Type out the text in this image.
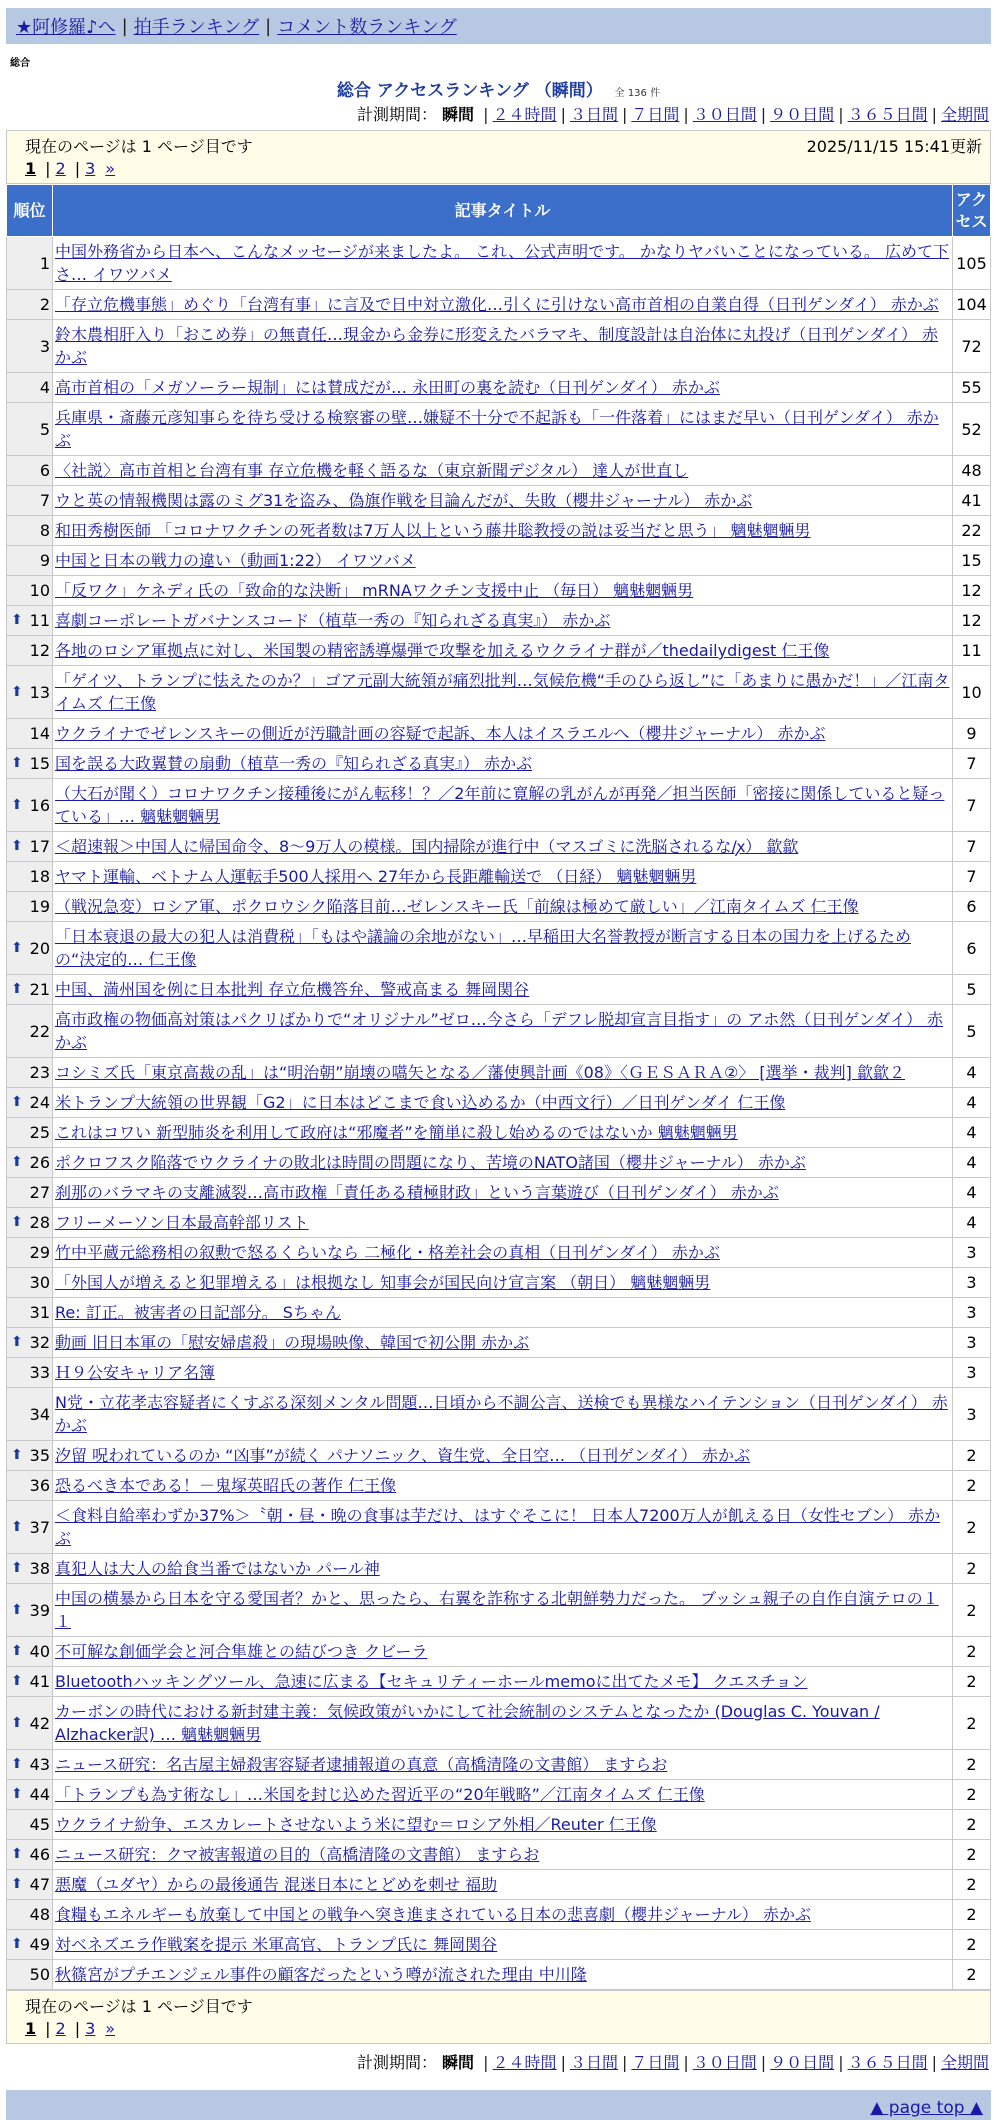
★阿修羅♪へ | 拍手ランキング | コメント数ランキング
総合
総合 アクセスランキング （瞬間） 全 136 件
計測期間： 瞬間 | ２４時間 | ３日間 | ７日間 | ３０日間 | ９０日間 | ３６５日間 | 全期間
現在のページは 1 ページ目です	2025/11/15 15:41更新
1 | 2 | 3 »
順位	記事タイトル	アクセス
1	中国外務省から日本へ、こんなメッセージが来ましたよ。 これ、公式声明です。 かなりヤバいことになっている。 広めて下さ… イワツバメ	105
2	「存立危機事態」めぐり「台湾有事」に言及で日中対立激化…引くに引けない高市首相の自業自得（日刊ゲンダイ） 赤かぶ	104
3	鈴木農相肝入り「おこめ券」の無責任…現金から金券に形変えたバラマキ、制度設計は自治体に丸投げ（日刊ゲンダイ） 赤かぶ	72
4	高市首相の「メガソーラー規制」には賛成だが… 永田町の裏を読む（日刊ゲンダイ） 赤かぶ	55
5	兵庫県・斎藤元彦知事らを待ち受ける検察審の壁…嫌疑不十分で不起訴も「一件落着」にはまだ早い（日刊ゲンダイ） 赤かぶ	52
6	〈社説〉高市首相と台湾有事 存立危機を軽く語るな（東京新聞デジタル） 達人が世直し	48
7	ウと英の情報機関は露のミグ31を盗み、偽旗作戦を目論んだが、失敗（櫻井ジャーナル） 赤かぶ	41
8	和田秀樹医師 「コロナワクチンの死者数は7万人以上という藤井聡教授の説は妥当だと思う」 魑魅魍魎男	22
9	中国と日本の戦力の違い（動画1:22） イワツバメ	15
10	「反ワク」ケネディ氏の「致命的な決断」 mRNAワクチン支援中止 （毎日） 魑魅魍魎男	12

⬆ 11	喜劇コーポレートガバナンスコード（植草一秀の『知られざる真実』） 赤かぶ	12
12	各地のロシア軍拠点に対し、米国製の精密誘導爆弾で攻撃を加えるウクライナ群が／thedailydigest 仁王像	11

⬆ 13	「ゲイツ、トランプに怯えたのか？」ゴア元副大統領が痛烈批判…気候危機“手のひら返し”に「あまりに愚かだ！」／江南タイムズ 仁王像	10
14	ウクライナでゼレンスキーの側近が汚職計画の容疑で起訴、本人はイスラエルへ（櫻井ジャーナル） 赤かぶ	9

⬆ 15	国を誤る大政翼賛の扇動（植草一秀の『知られざる真実』） 赤かぶ	7

⬆ 16	（大石が聞く）コロナワクチン接種後にがん転移！？／2年前に寛解の乳がんが再発／担当医師「密接に関係していると疑っている」… 魑魅魍魎男	7

⬆ 17	＜超速報＞中国人に帰国命令、8～9万人の模様。国内掃除が進行中（マスゴミに洗脳されるな/ꭗ） 歙歙	7
18	ヤマト運輸、ベトナム人運転手500人採用へ 27年から長距離輸送で （日経） 魑魅魍魎男	7
19	（戦況急変）ロシア軍、ポクロウシク陥落目前…ゼレンスキー氏「前線は極めて厳しい」／江南タイムズ 仁王像	6

⬆ 20	「日本衰退の最大の犯人は消費税」「もはや議論の余地がない」…早稲田大名誉教授が断言する日本の国力を上げるための“決定的… 仁王像	6

⬆ 21	中国、満州国を例に日本批判 存立危機答弁、警戒高まる 舞岡関谷	5
22	高市政権の物価高対策はパクリばかりで“オリジナル”ゼロ…今さら「デフレ脱却宣言目指す」の アホ然（日刊ゲンダイ） 赤かぶ	5
23	コシミズ氏「東京高裁の乱」は“明治朝”崩壊の嚆矢となる／藩使興計画《08》〈ＧＥＳＡＲＡ②〉 [選挙・裁判] 歙歙２	4

⬆ 24	米トランプ大統領の世界観「G2」に日本はどこまで食い込めるか（中西文行）／日刊ゲンダイ 仁王像	4
25	これはコワい 新型肺炎を利用して政府は“邪魔者”を簡単に殺し始めるのではないか 魑魅魍魎男	4

⬆ 26	ポクロフスク陥落でウクライナの敗北は時間の問題になり、苦境のNATO諸国（櫻井ジャーナル） 赤かぶ	4
27	刹那のバラマキの支離滅裂…高市政権「責任ある積極財政」という言葉遊び（日刊ゲンダイ） 赤かぶ	4

⬆ 28	フリーメーソン日本最高幹部リスト	4
29	竹中平蔵元総務相の叙勲で怒るくらいなら 二極化・格差社会の真相（日刊ゲンダイ） 赤かぶ	3
30	「外国人が増えると犯罪増える」は根拠なし 知事会が国民向け宣言案 （朝日） 魑魅魍魎男	3
31	Re: 訂正。被害者の日記部分。 Sちゃん	3

⬆ 32	動画 旧日本軍の「慰安婦虐殺」の現場映像、韓国で初公開 赤かぶ	3
33	Ｈ９公安キャリア名簿	3
34	N党・立花孝志容疑者にくすぶる深刻メンタル問題…日頃から不調公言、送検でも異様なハイテンション（日刊ゲンダイ） 赤かぶ	3

⬆ 35	汐留 呪われているのか “凶事”が続く パナソニック、資生党、全日空… （日刊ゲンダイ） 赤かぶ	2
36	恐るべき本である！－鬼塚英昭氏の著作 仁王像	2

⬆ 37	＜食料自給率わずか37%＞〝朝・昼・晩の食事は芋だけ、はすぐそこに！ 日本人7200万人が飢える日（女性セブン） 赤かぶ	2

⬆ 38	真犯人は大人の給食当番ではないか パール神	2

⬆ 39	中国の横暴から日本を守る愛国者？かと、思ったら、右翼を詐称する北朝鮮勢力だった。 ブッシュ親子の自作自演テロの１１	2

⬆ 40	不可解な創価学会と河合隼雄との結びつき クビーラ	2

⬆ 41	Bluetoothハッキングツール、急速に広まる【セキュリティーホールmemoに出てたメモ】 クエスチョン	2

⬆ 42	カーボンの時代における新封建主義：気候政策がいかにして社会統制のシステムとなったか (Douglas C. Youvan / Alzhacker訳) … 魑魅魍魎男	2

⬆ 43	ニュース研究：名古屋主婦殺害容疑者逮捕報道の真意（高橋清隆の文書館） ますらお	2

⬆ 44	「トランプも為す術なし」…米国を封じ込めた習近平の“20年戦略”／江南タイムズ 仁王像	2
45	ウクライナ紛争、エスカレートさせないよう米に望む＝ロシア外相／Reuter 仁王像	2

⬆ 46	ニュース研究：クマ被害報道の目的（高橋清隆の文書館） ますらお	2

⬆ 47	悪魔（ユダヤ）からの最後通告 混迷日本にとどめを刺せ 福助	2
48	食糧もエネルギーも放棄して中国との戦争へ突き進まされている日本の悲喜劇（櫻井ジャーナル） 赤かぶ	2

⬆ 49	対ベネズエラ作戦案を提示 米軍高官、トランプ氏に 舞岡関谷	2
50	秋篠宮がプチエンジェル事件の顧客だったという噂が流された理由 中川隆	2
現在のページは 1 ページ目です
1 | 2 | 3 »
計測期間： 瞬間 | ２４時間 | ３日間 | ７日間 | ３０日間 | ９０日間 | ３６５日間 | 全期間
▲ page top ▲
